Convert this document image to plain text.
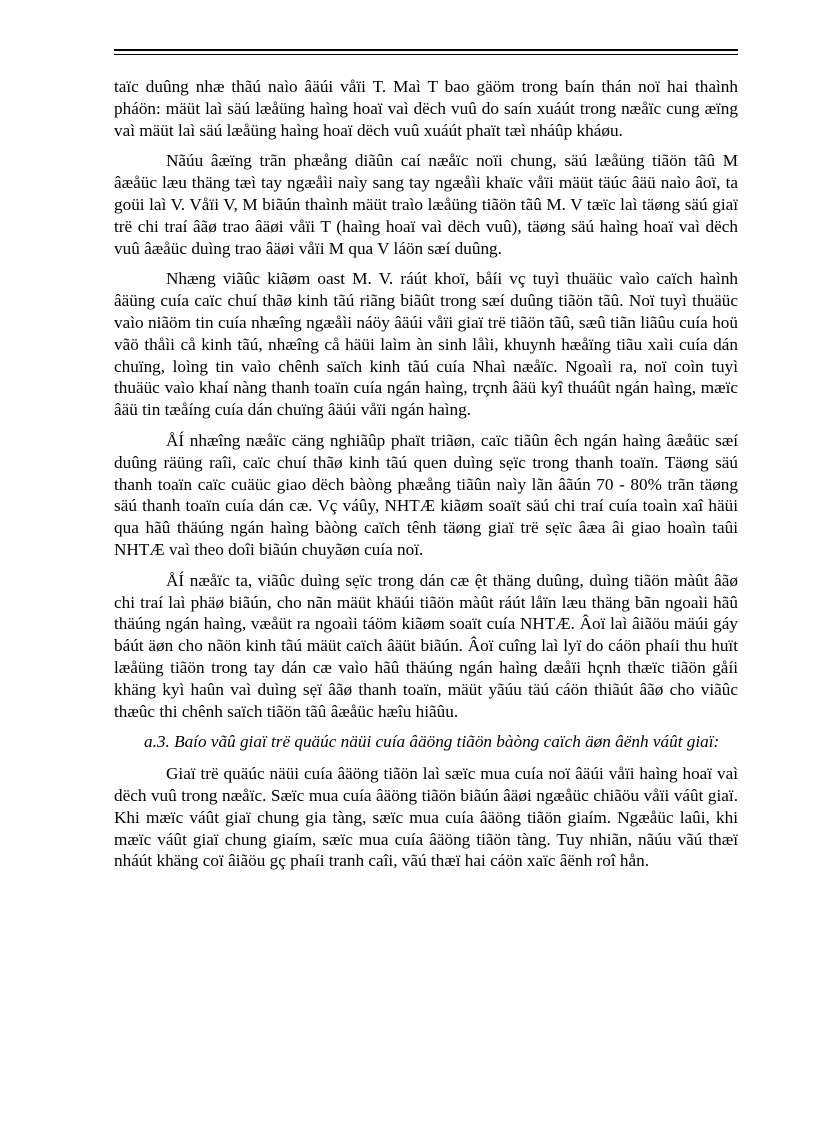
taïc duûng nhæ thãú naìo âäúi våïi T. Maì T bao gäöm trong baín thán noï hai thaình pháön: mäüt laì säú læåüng haìng hoaï vaì dëch vuû do saín xuáút trong næåïc cung æïng vaì mäüt laì säú læåüng haìng hoaï dëch vuû xuáút phaït tæì nháûp kháøu.

Nãúu âæïng trãn phæång diãûn caí næåïc noïi chung, säú læåüng tiãön tãû M âæåüc læu thäng tæì tay ngæåìi naìy sang tay ngæåìi khaïc våïi mäüt täúc âäü naìo âoï, ta goüi laì V. Våïi V, M biãún thaình mäüt traìo læåüng tiãön tãû M. V tæïc laì täøng säú giaï trë chi traí âãø trao âäøi våïi T (haìng hoaï vaì dëch vuû), täøng säú haìng hoaï vaì dëch vuû âæåüc duìng trao âäøi våïi M qua V láön sæí duûng.

Nhæng viãûc kiãøm oast M. V. ráút khoï, båíi vç tuyì thuäüc vaìo caïch haình âäüng cuía caïc chuí thãø kinh tãú riãng biãût trong sæí duûng tiãön tãû. Noï tuyì thuäüc vaìo niãöm tin cuía nhæîng ngæåìi náöy âäúi våïi giaï trë tiãön tãû, sæû tiãn liãûu cuía hoü vãö thåìi cå kinh tãú, nhæîng cå häüi laìm àn sinh låìi, khuynh hæåïng tiãu xaìi cuía dán chuïng, loìng tin vaìo chênh saïch kinh tãú cuía Nhaì næåïc. Ngoaìi ra, noï coìn tuyì thuäüc vaìo khaí nàng thanh toaïn cuía ngán haìng, trçnh âäü kyî thuáût ngán haìng, mæïc âäü tin tæåíng cuía dán chuïng âäúi våïi ngán haìng.

ÅÍ nhæîng næåïc cäng nghiãûp phaït triãøn, caïc tiãûn êch ngán haìng âæåüc sæí duûng räüng raîi, caïc chuí thãø kinh tãú quen duìng sẹïc trong thanh toaïn. Täøng säú thanh toaïn caïc cuäüc giao dëch bàòng phæång tiãûn naìy lãn âãún 70 - 80% trãn täøng säú thanh toaïn cuía dán cæ. Vç váûy, NHTÆ kiãøm soaït säú chi traí cuía toaìn xaî häüi qua hãû thäúng ngán haìng bàòng caïch tênh täøng giaï trë sẹïc âæa âi giao hoaìn taûi NHTÆ vaì theo doîi biãún chuyãøn cuía noï.

ÅÍ næåïc ta, viãûc duìng sẹïc trong dán cæ ệt thäng duûng, duìng tiãön màût âãø chi traí laì phäø biãún, cho nãn mäüt khäúi tiãön màût ráút låïn læu thäng bãn ngoaìi hãû thäúng ngán haìng, væåüt ra ngoaìi táöm kiãøm soaït cuía NHTÆ. Âoï laì âiãöu mäúi gáy báút äøn cho nãön kinh tãú mäüt caïch âäüt biãún. Âoï cuîng laì lyï do cáön phaíi thu huït læåüng tiãön trong tay dán cæ vaìo hãû thäúng ngán haìng dæåïi hçnh thæïc tiãön gåíi khäng kyì haûn vaì duìng sẹï âãø thanh toaïn, mäüt yãúu täú cáön thiãút âãø cho viãûc thæûc thi chênh saïch tiãön tãû âæåüc hæîu hiãûu.

a.3. Baío vãû giaï trë quäúc näüi cuía âäöng tiãön bàòng caïch äøn âënh váût giaï:

Giaï trë quäúc näüi cuía âäöng tiãön laì sæïc mua cuía noï âäúi våïi haìng hoaï vaì dëch vuû trong næåïc. Sæïc mua cuía âäöng tiãön biãún âäøi ngæåüc chiãöu våïi váût giaï. Khi mæïc váût giaï chung gia tàng, sæïc mua cuía âäöng tiãön giaím. Ngæåüc laûi, khi mæïc váût giaï chung giaím, sæïc mua cuía âäöng tiãön tàng. Tuy nhiãn, nãúu vãú thæï nháút khäng coï âiãöu gç phaíi tranh caîi, vãú thæï hai cáön xaïc âënh roî hån.
